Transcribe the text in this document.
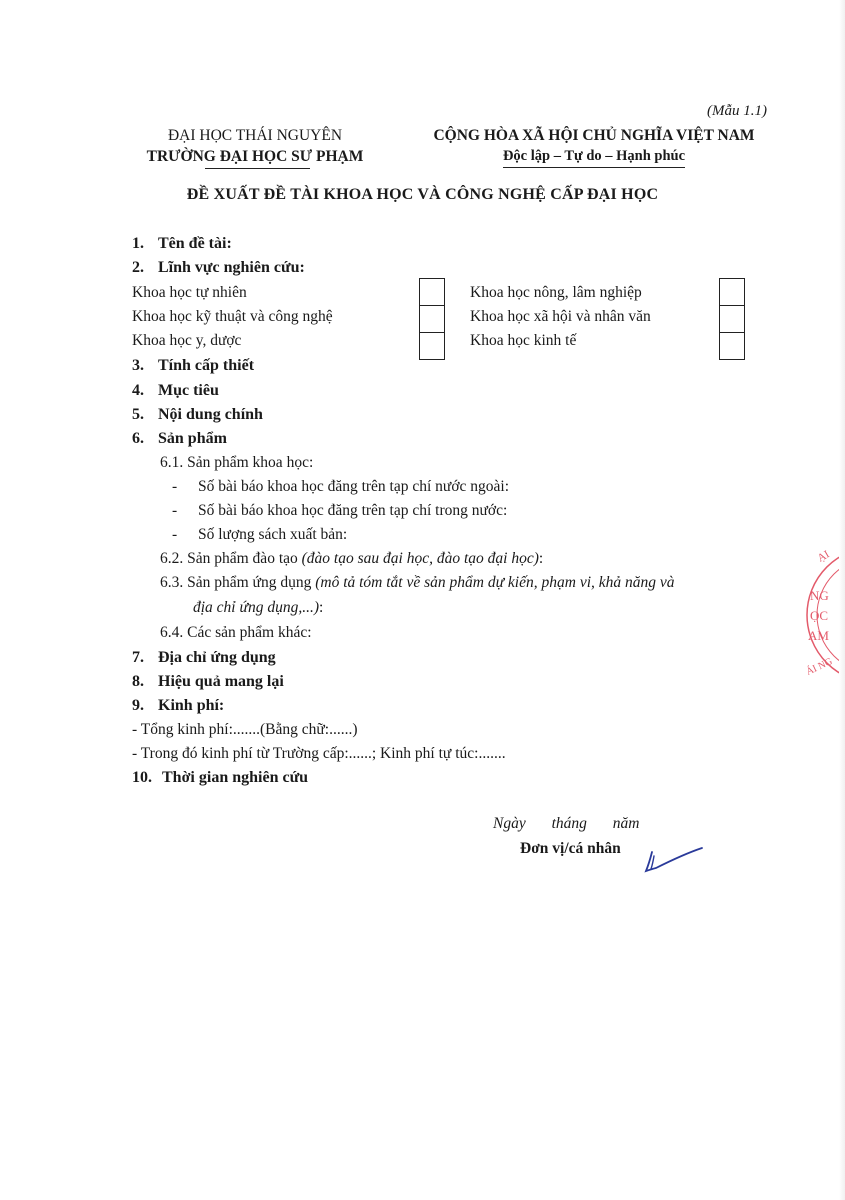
(Mẫu 1.1)
ĐẠI HỌC THÁI NGUYÊN
TRƯỜNG ĐẠI HỌC SƯ PHẠM
CỘNG HÒA XÃ HỘI CHỦ NGHĨA VIỆT NAM
Độc lập – Tự do – Hạnh phúc
ĐỀ XUẤT ĐỀ TÀI KHOA HỌC VÀ CÔNG NGHỆ CẤP ĐẠI HỌC
1. Tên đề tài:
2. Lĩnh vực nghiên cứu:
Khoa học tự nhiên
Khoa học kỹ thuật và công nghệ
Khoa học y, dược
Khoa học nông, lâm nghiệp
Khoa học xã hội và nhân văn
Khoa học kinh tế
3. Tính cấp thiết
4. Mục tiêu
5. Nội dung chính
6. Sản phẩm
6.1. Sản phẩm khoa học:
- Số bài báo khoa học đăng trên tạp chí nước ngoài:
- Số bài báo khoa học đăng trên tạp chí trong nước:
- Số lượng sách xuất bản:
6.2. Sản phẩm đào tạo (đào tạo sau đại học, đào tạo đại học):
6.3. Sản phẩm ứng dụng (mô tả tóm tắt về sản phẩm dự kiến, phạm vi, khả năng và
địa chỉ ứng dụng,...):
6.4. Các sản phẩm khác:
7. Địa chỉ ứng dụng
8. Hiệu quả mang lại
9. Kinh phí:
- Tổng kinh phí:.......(Bằng chữ:......)
- Trong đó kinh phí từ Trường cấp:......; Kinh phí tự túc:.......
10. Thời gian nghiên cứu
Ngày tháng năm
Đơn vị/cá nhân
ẠI
NG
ỌC
ẠM
ÁI NG
